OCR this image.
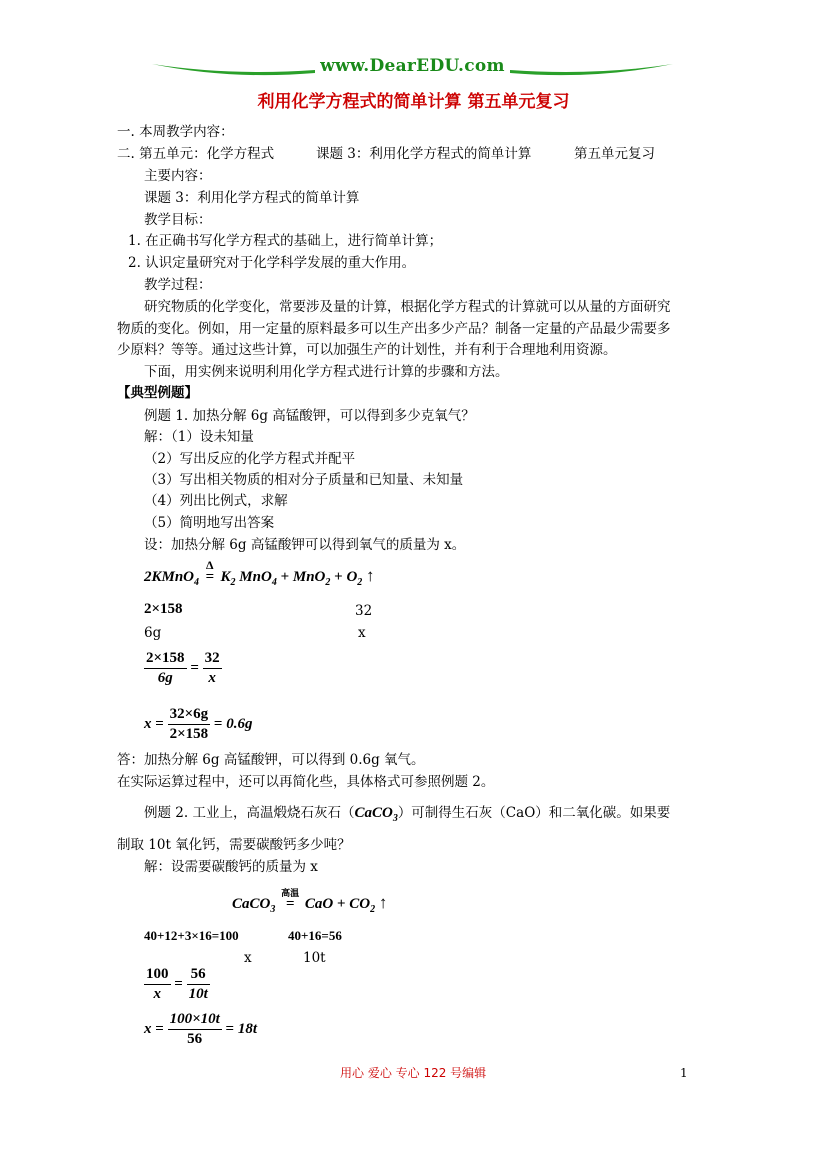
www.DearEDU.com
利用化学方程式的简单计算 第五单元复习
一. 本周教学内容：
二. 第五单元：化学方程式	课题 3：利用化学方程式的简单计算	第五单元复习
主要内容：
课题 3：利用化学方程式的简单计算
教学目标：
1. 在正确书写化学方程式的基础上，进行简单计算；
2. 认识定量研究对于化学科学发展的重大作用。
教学过程：
研究物质的化学变化，常要涉及量的计算，根据化学方程式的计算就可以从量的方面研究
物质的变化。例如，用一定量的原料最多可以生产出多少产品？制备一定量的产品最少需要多
少原料？等等。通过这些计算，可以加强生产的计划性，并有利于合理地利用资源。
下面，用实例来说明利用化学方程式进行计算的步骤和方法。
【典型例题】
例题 1. 加热分解 6g 高锰酸钾，可以得到多少克氧气？
解：（1）设未知量
（2）写出反应的化学方程式并配平
（3）写出相关物质的相对分子质量和已知量、未知量
（4）列出比例式，求解
（5）简明地写出答案
设：加热分解 6g 高锰酸钾可以得到氧气的质量为 x。
2KMnO$_4$
Δ
= $K_2$ $MnO_4 + MnO_2 + O_2$ ↑
2×158	32
6g	x
$\frac{2\times 158}{6g} = \frac{32}{x}$
$x = \frac{32\times 6g}{2\times 158} = 0.6g$
答：加热分解 6g 高锰酸钾，可以得到 0.6g 氧气。
在实际运算过程中，还可以再简化些，具体格式可参照例题 2。
例题 2. 工业上，高温煅烧石灰石（CaCO$_3$）可制得生石灰（CaO）和二氧化碳。如果要
制取 10t 氧化钙，需要碳酸钙多少吨？
解：设需要碳酸钙的质量为 x
CaCO$_3$
高温
= CaO + $CO_2$ ↑
40+12+3×16=100	40+16=56
x	10t
$\frac{100}{x} = \frac{56}{10t}$
$x = \frac{100\times 10t}{56} = 18t$
用心 爱心 专心 122 号编辑	1
